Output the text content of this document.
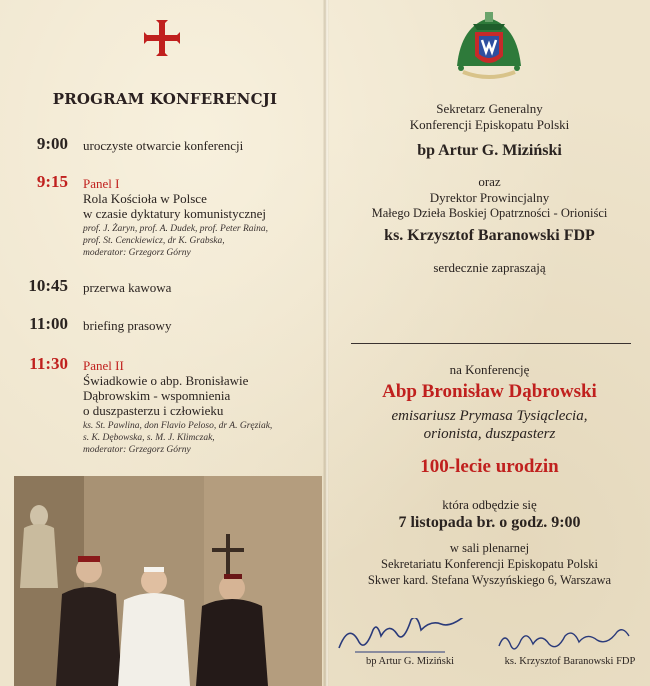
PROGRAM KONFERENCJI
9:00 uroczyste otwarcie konferencji
9:15 Panel I
Rola Kościoła w Polsce
w czasie dyktatury komunistycznej
prof. J. Żaryn, prof. A. Dudek, prof. Peter Raina,
prof. St. Cenckiewicz, dr K. Grabska,
moderator: Grzegorz Górny
10:45 przerwa kawowa
11:00 briefing prasowy
11:30 Panel II
Świadkowie o abp. Bronisławie
Dąbrowskim - wspomnienia
o duszpasterzu i człowieku
ks. St. Pawlina, don Flavio Peloso, dr A. Gręziak,
s. K. Dębowska, s. M. J. Klimczak,
moderator: Grzegorz Górny
Sekretarz Generalny
Konferencji Episkopatu Polski
bp Artur G. Miziński
oraz
Dyrektor Prowincjalny
Małego Dzieła Boskiej Opatrzności - Orioniści
ks. Krzysztof Baranowski FDP
serdecznie zapraszają
na Konferencję
Abp Bronisław Dąbrowski
emisariusz Prymasa Tysiąclecia,
orionista, duszpasterz
100-lecie urodzin
która odbędzie się
7 listopada br. o godz. 9:00
w sali plenarnej
Sekretariatu Konferencji Episkopatu Polski
Skwer kard. Stefana Wyszyńskiego 6, Warszawa
bp Artur G. Miziński	ks. Krzysztof Baranowski FDP
